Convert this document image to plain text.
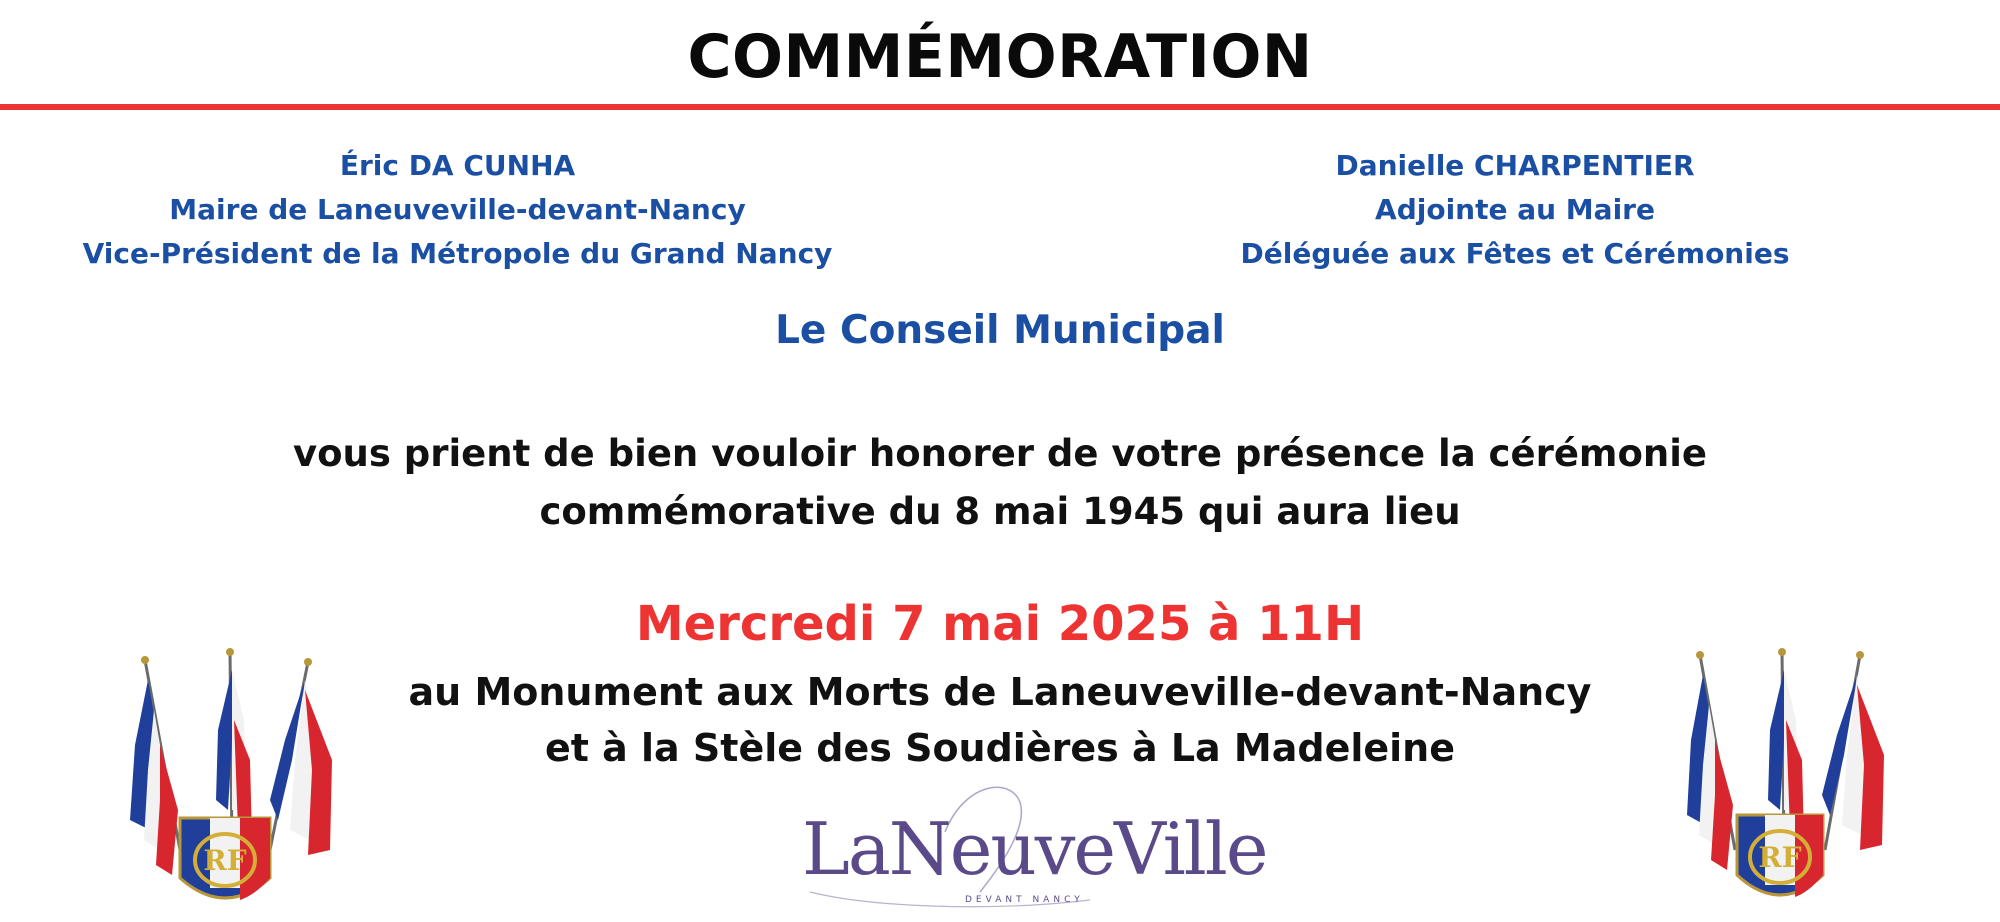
COMMÉMORATION
Éric DA CUNHA
Maire de Laneuveville-devant-Nancy
Vice-Président de la Métropole du Grand Nancy
Danielle CHARPENTIER
Adjointe au Maire
Déléguée aux Fêtes et Cérémonies
Le Conseil Municipal
vous prient de bien vouloir honorer de votre présence la cérémonie
commémorative du 8 mai 1945 qui aura lieu
Mercredi 7 mai 2025 à 11H
au Monument aux Morts de Laneuveville-devant-Nancy
et à la Stèle des Soudières à La Madeleine
RF	RF
LaNeuveVille
DEVANT NANCY
